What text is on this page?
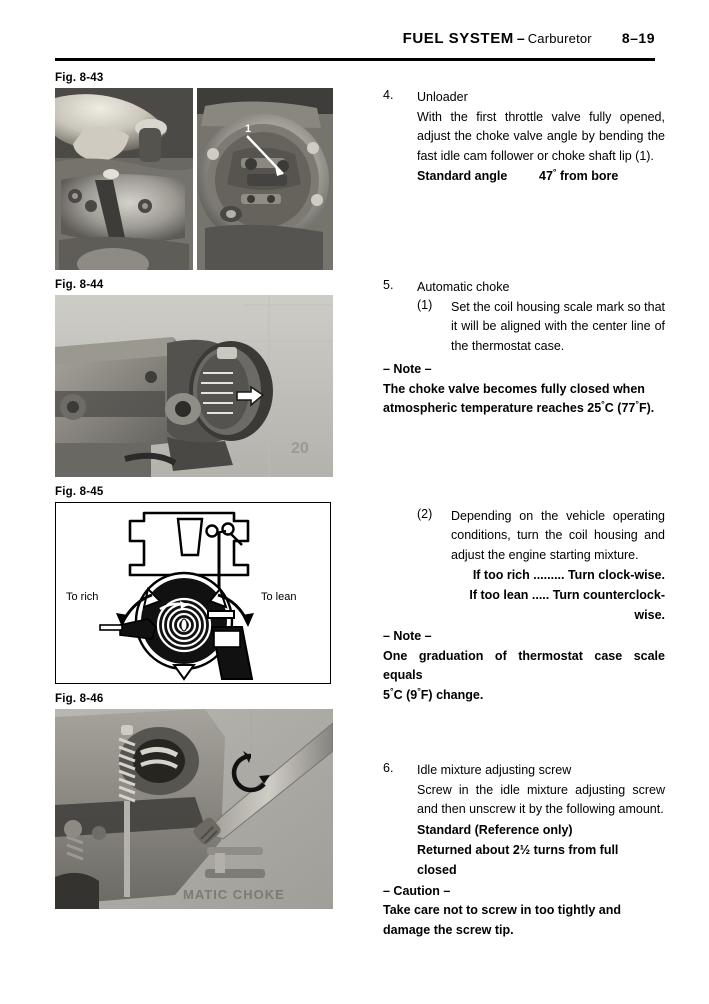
FUEL SYSTEM – Carburetor 8–19
Fig. 8-43
1
Fig. 8-44
20
Fig. 8-45
To rich	To lean
Fig. 8-46
MATIC CHOKE
4.	Unloader
With the first throttle valve fully opened, adjust the choke valve angle by bending the fast idle cam follower or choke shaft lip (1).
Standard angle	47° from bore
5.	Automatic choke
(1)	Set the coil housing scale mark so that it will be aligned with the center line of the thermostat case.
– Note –
The choke valve becomes fully closed when
atmospheric temperature reaches 25°C (77°F).
(2)	Depending on the vehicle operating conditions, turn the coil housing and adjust the engine starting mixture.
If too rich ......... Turn clock-wise.
If too lean ..... Turn counterclock-
wise.
– Note –
One graduation of thermostat case scale equals
5°C (9°F) change.
6.	Idle mixture adjusting screw
Screw in the idle mixture adjusting screw and then unscrew it by the following amount.
Standard (Reference only)
Returned about 2½ turns from full
closed
– Caution –
Take care not to screw in too tightly and
damage the screw tip.
